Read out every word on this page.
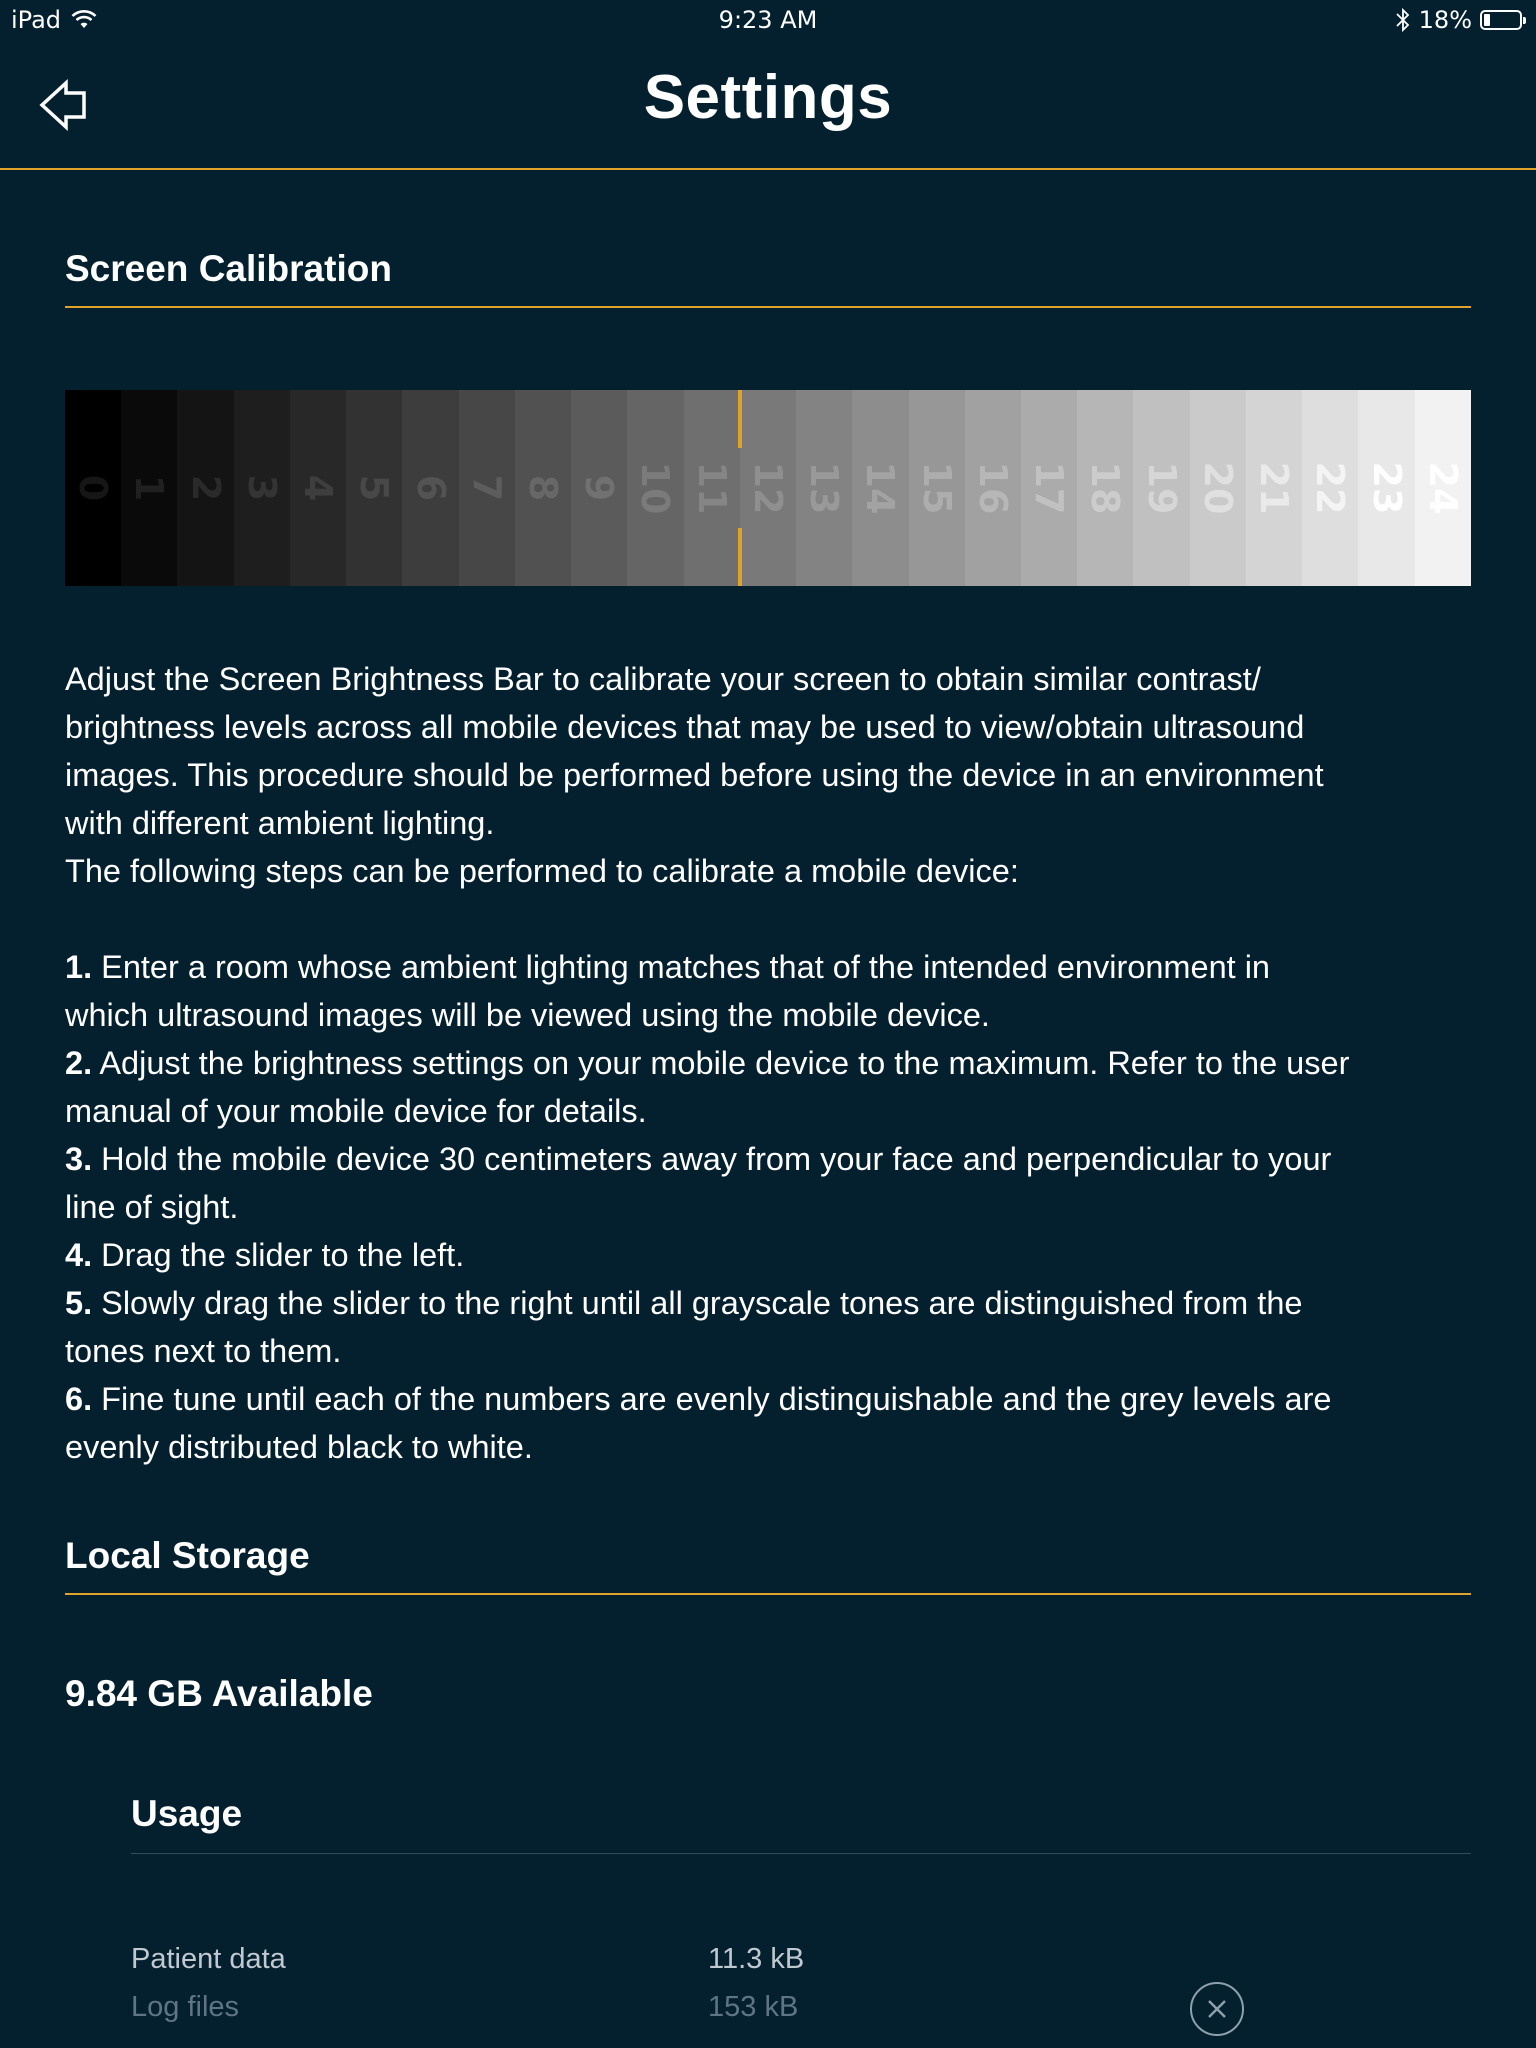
iPad	9:23 AM	18%
Settings
Screen Calibration
0 1 2 3 4 5 6 7 8 9 10 11 12 13 14 15 16 17 18 19 20 21 22 23 24

Adjust the Screen Brightness Bar to calibrate your screen to obtain similar contrast/

brightness levels across all mobile devices that may be used to view/obtain ultrasound

images. This procedure should be performed before using the device in an environment

with different ambient lighting.

The following steps can be performed to calibrate a mobile device:

1. Enter a room whose ambient lighting matches that of the intended environment in

which ultrasound images will be viewed using the mobile device.

2. Adjust the brightness settings on your mobile device to the maximum. Refer to the user

manual of your mobile device for details.

3. Hold the mobile device 30 centimeters away from your face and perpendicular to your

line of sight.

4. Drag the slider to the left.

5. Slowly drag the slider to the right until all grayscale tones are distinguished from the

tones next to them.

6. Fine tune until each of the numbers are evenly distinguishable and the grey levels are

evenly distributed black to white.

Local Storage
9.84 GB Available
Usage
Patient data	11.3 kB
Log files	153 kB
